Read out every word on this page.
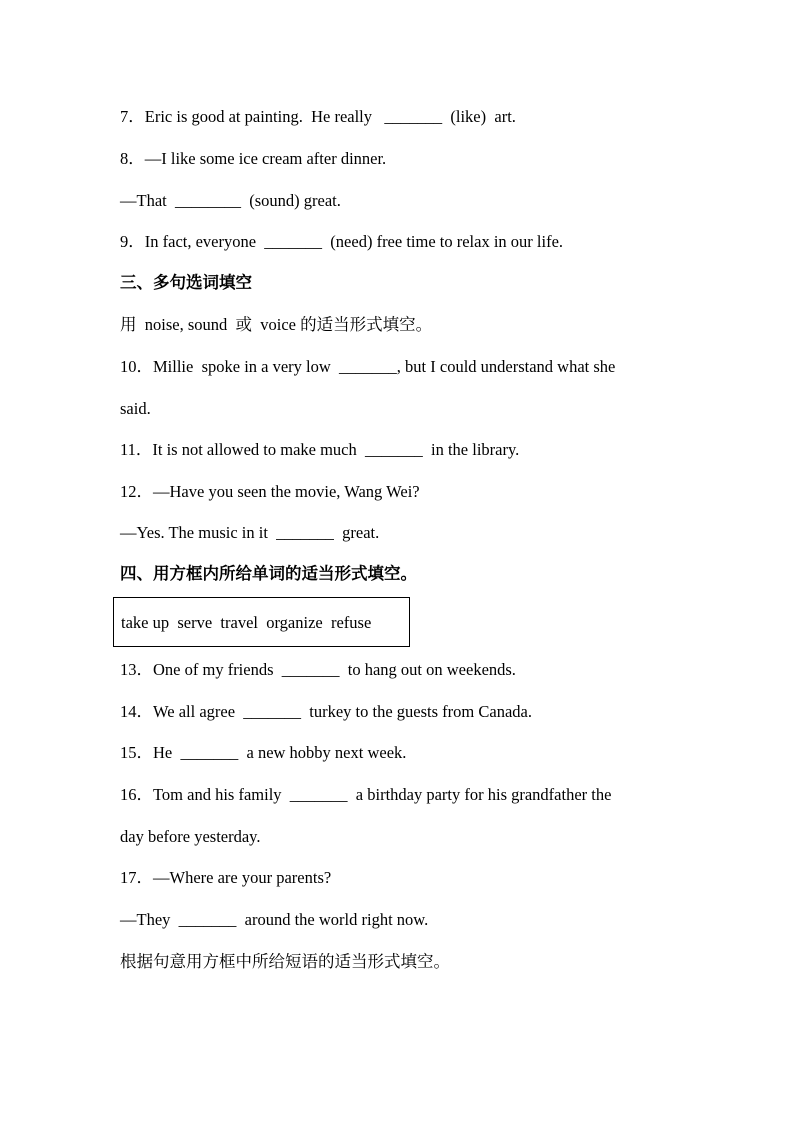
7．Eric is good at painting.  He really   _______  (like)  art.
8．—I like some ice cream after dinner.
—That  ________  (sound) great.
9．In fact, everyone  _______  (need) free time to relax in our life.
三、多句选词填空
用  noise, sound  或  voice 的适当形式填空。
10．Millie  spoke in a very low  _______, but I could understand what she
said.
11．It is not allowed to make much  _______  in the library.
12．—Have you seen the movie, Wang Wei?
—Yes. The music in it  _______  great.
四、用方框内所给单词的适当形式填空。
take up  serve  travel  organize  refuse
13．One of my friends  _______  to hang out on weekends.
14．We all agree  _______  turkey to the guests from Canada.
15．He  _______  a new hobby next week.
16．Tom and his family  _______  a birthday party for his grandfather the
day before yesterday.
17．—Where are your parents?
—They  _______  around the world right now.
根据句意用方框中所给短语的适当形式填空。
